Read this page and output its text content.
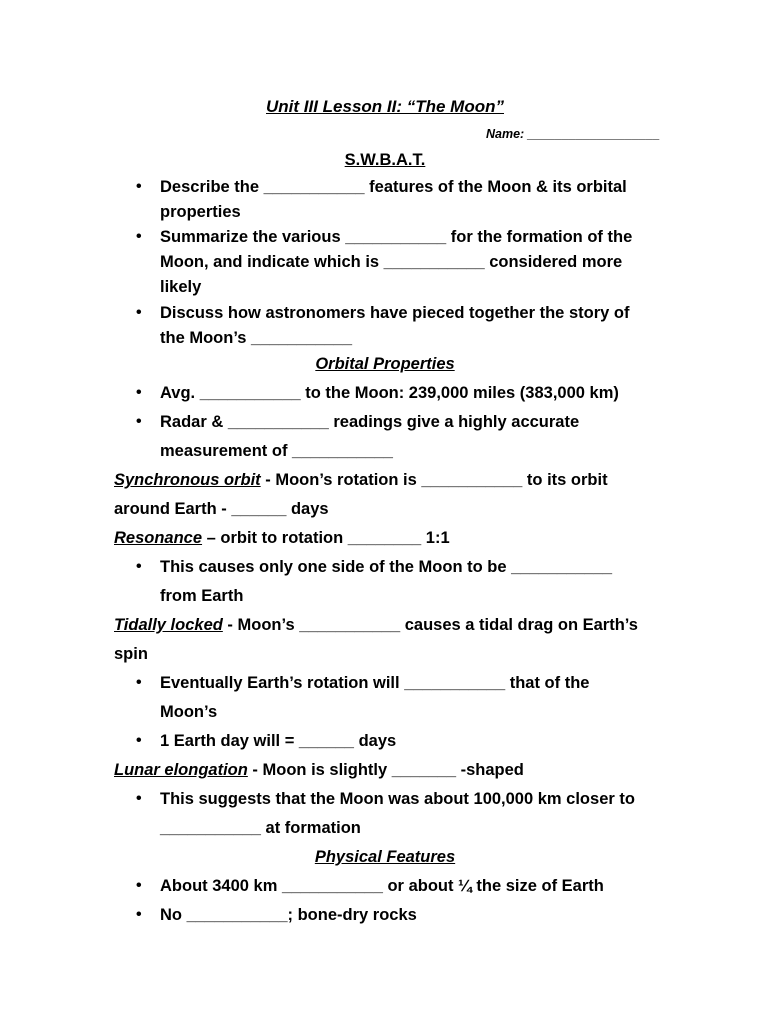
Unit III Lesson II: “The Moon”
Name: ___________________
S.W.B.A.T.
• Describe the ___________ features of the Moon & its orbital
properties
• Summarize the various ___________ for the formation of the
Moon, and indicate which is ___________ considered more
likely
• Discuss how astronomers have pieced together the story of
the Moon’s ___________
Orbital Properties
• Avg. ___________ to the Moon: 239,000 miles (383,000 km)
• Radar & ___________ readings give a highly accurate
measurement of ___________
Synchronous orbit - Moon’s rotation is ___________ to its orbit
around Earth - ______ days
Resonance – orbit to rotation ________ 1:1
• This causes only one side of the Moon to be ___________
from Earth
Tidally locked - Moon’s ___________ causes a tidal drag on Earth’s
spin
• Eventually Earth’s rotation will ___________ that of the
Moon’s
• 1 Earth day will = ______ days
Lunar elongation - Moon is slightly _______ -shaped
• This suggests that the Moon was about 100,000 km closer to
___________ at formation
Physical Features
• About 3400 km ___________ or about ¼ the size of Earth
• No ___________; bone-dry rocks
